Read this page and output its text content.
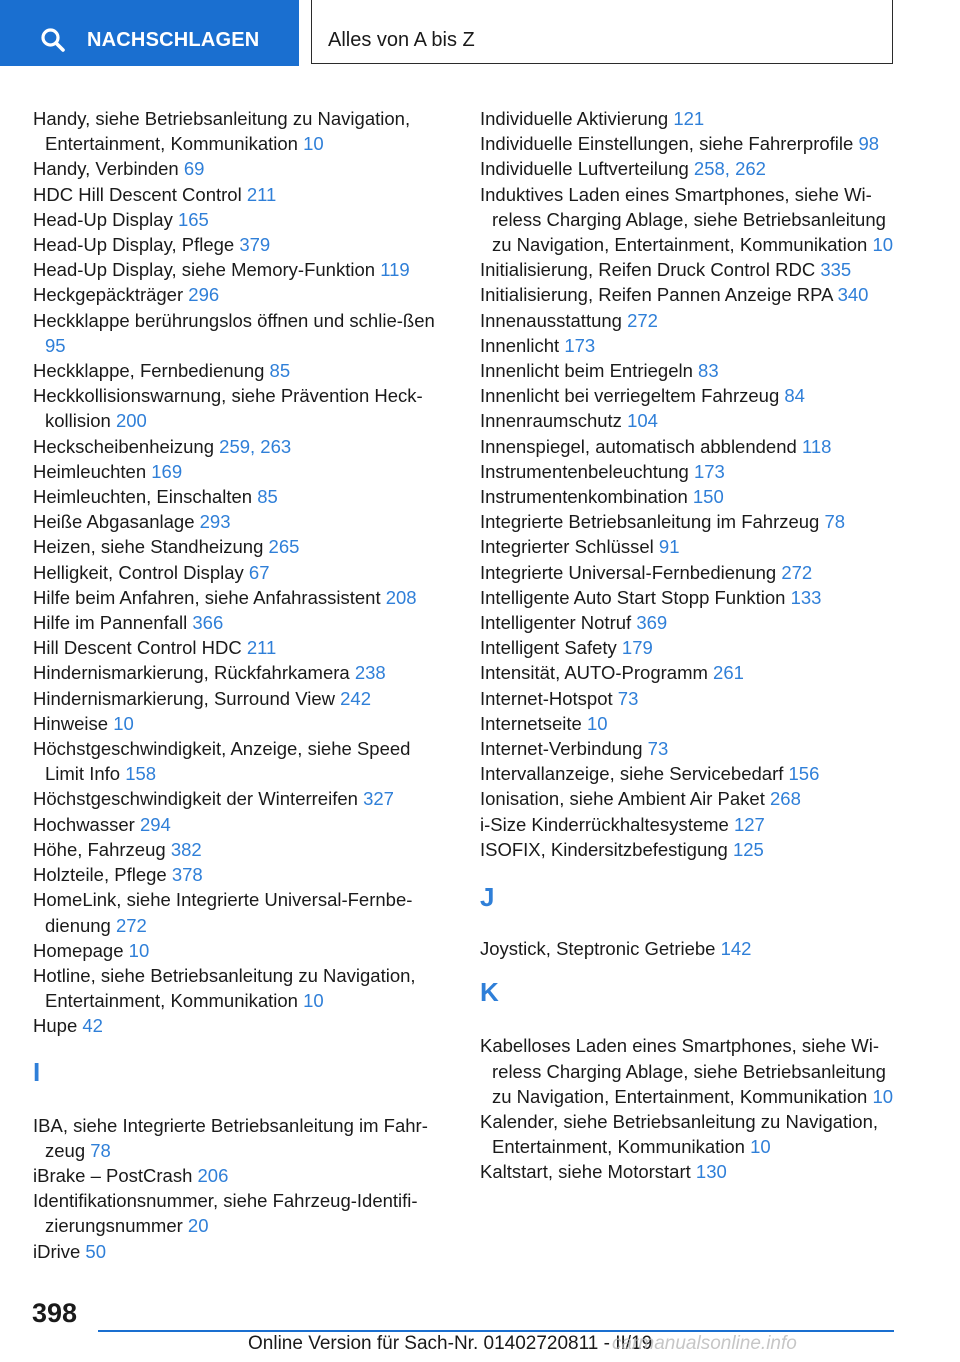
NACHSCHLAGEN	Alles von A bis Z
Handy, siehe Betriebsanleitung zu Navigation, Entertainment, Kommunikation 10
Handy, Verbinden 69
HDC Hill Descent Control 211
Head-Up Display 165
Head-Up Display, Pflege 379
Head-Up Display, siehe Memory-Funktion 119
Heckgepäckträger 296
Heckklappe berührungslos öffnen und schlie-ßen 95
Heckklappe, Fernbedienung 85
Heckkollisionswarnung, siehe Prävention Heck-kollision 200
Heckscheibenheizung 259, 263
Heimleuchten 169
Heimleuchten, Einschalten 85
Heiße Abgasanlage 293
Heizen, siehe Standheizung 265
Helligkeit, Control Display 67
Hilfe beim Anfahren, siehe Anfahrassistent 208
Hilfe im Pannenfall 366
Hill Descent Control HDC 211
Hindernismarkierung, Rückfahrkamera 238
Hindernismarkierung, Surround View 242
Hinweise 10
Höchstgeschwindigkeit, Anzeige, siehe Speed Limit Info 158
Höchstgeschwindigkeit der Winterreifen 327
Hochwasser 294
Höhe, Fahrzeug 382
Holzteile, Pflege 378
HomeLink, siehe Integrierte Universal-Fernbe-dienung 272
Homepage 10
Hotline, siehe Betriebsanleitung zu Navigation, Entertainment, Kommunikation 10
Hupe 42
I
IBA, siehe Integrierte Betriebsanleitung im Fahr-zeug 78
iBrake – PostCrash 206
Identifikationsnummer, siehe Fahrzeug-Identifi-zierungsnummer 20
iDrive 50
Individuelle Aktivierung 121
Individuelle Einstellungen, siehe Fahrerprofile 98
Individuelle Luftverteilung 258, 262
Induktives Laden eines Smartphones, siehe Wi-reless Charging Ablage, siehe Betriebsanleitung zu Navigation, Entertainment, Kommunikation 10
Initialisierung, Reifen Druck Control RDC 335
Initialisierung, Reifen Pannen Anzeige RPA 340
Innenausstattung 272
Innenlicht 173
Innenlicht beim Entriegeln 83
Innenlicht bei verriegeltem Fahrzeug 84
Innenraumschutz 104
Innenspiegel, automatisch abblendend 118
Instrumentenbeleuchtung 173
Instrumentenkombination 150
Integrierte Betriebsanleitung im Fahrzeug 78
Integrierter Schlüssel 91
Integrierte Universal-Fernbedienung 272
Intelligente Auto Start Stopp Funktion 133
Intelligenter Notruf 369
Intelligent Safety 179
Intensität, AUTO-Programm 261
Internet-Hotspot 73
Internetseite 10
Internet-Verbindung 73
Intervallanzeige, siehe Servicebedarf 156
Ionisation, siehe Ambient Air Paket 268
i-Size Kinderrückhaltesysteme 127
ISOFIX, Kindersitzbefestigung 125
J
Joystick, Steptronic Getriebe 142
K
Kabelloses Laden eines Smartphones, siehe Wi-reless Charging Ablage, siehe Betriebsanleitung zu Navigation, Entertainment, Kommunikation 10
Kalender, siehe Betriebsanleitung zu Navigation, Entertainment, Kommunikation 10
Kaltstart, siehe Motorstart 130
398
Online Version für Sach-Nr. 01402720811 - II/19
carmanualsonline.info
